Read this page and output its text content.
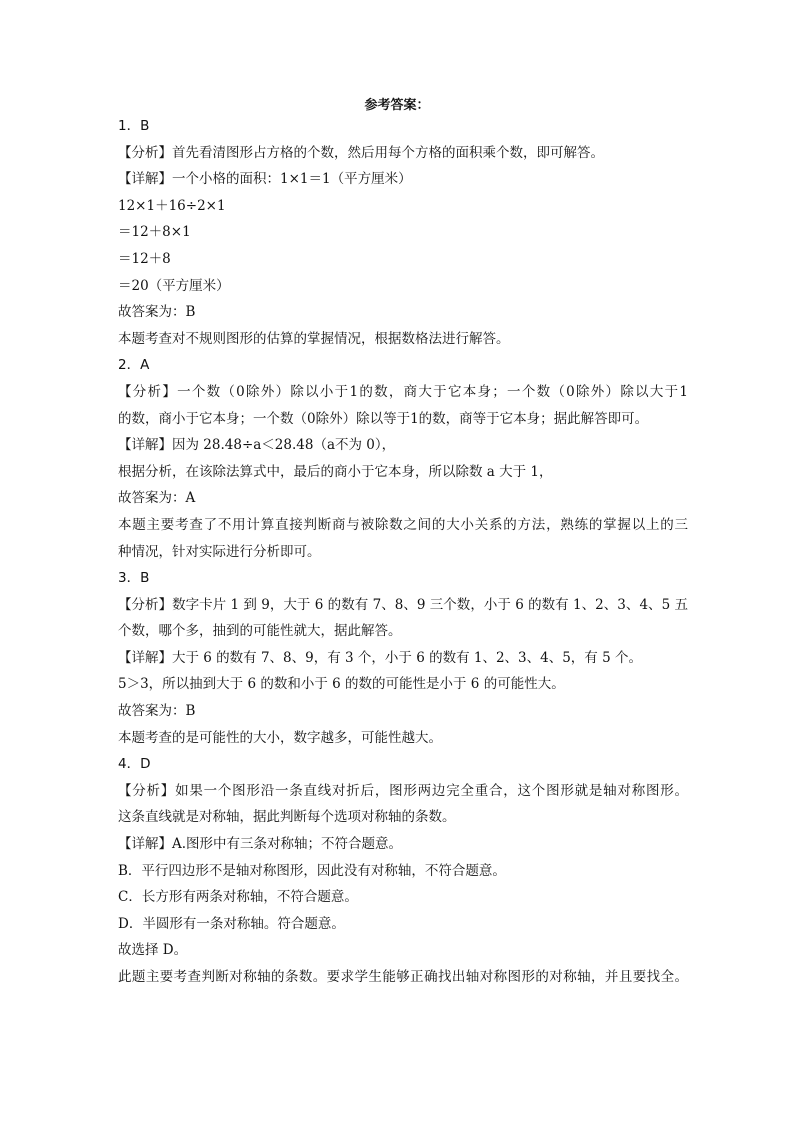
参考答案：
1．B
【分析】首先看清图形占方格的个数，然后用每个方格的面积乘个数，即可解答。
【详解】一个小格的面积：1×1＝1（平方厘米）
12×1＋16÷2×1
＝12＋8×1
＝12＋8
＝20（平方厘米）
故答案为：B
本题考查对不规则图形的估算的掌握情况，根据数格法进行解答。
2．A
【分析】一个数（0除外）除以小于1的数，商大于它本身；一个数（0除外）除以大于1
的数，商小于它本身；一个数（0除外）除以等于1的数，商等于它本身；据此解答即可。
【详解】因为 28.48÷a＜28.48（a不为 0），
根据分析，在该除法算式中，最后的商小于它本身，所以除数 a 大于 1，
故答案为：A
本题主要考查了不用计算直接判断商与被除数之间的大小关系的方法，熟练的掌握以上的三
种情况，针对实际进行分析即可。
3．B
【分析】数字卡片 1 到 9，大于 6 的数有 7、8、9 三个数，小于 6 的数有 1、2、3、4、5 五
个数，哪个多，抽到的可能性就大，据此解答。
【详解】大于 6 的数有 7、8、9，有 3 个，小于 6 的数有 1、2、3、4、5，有 5 个。
5＞3，所以抽到大于 6 的数和小于 6 的数的可能性是小于 6 的可能性大。
故答案为：B
本题考查的是可能性的大小，数字越多，可能性越大。
4．D
【分析】如果一个图形沿一条直线对折后，图形两边完全重合，这个图形就是轴对称图形。
这条直线就是对称轴，据此判断每个选项对称轴的条数。
【详解】A.图形中有三条对称轴；不符合题意。
B．平行四边形不是轴对称图形，因此没有对称轴，不符合题意。
C．长方形有两条对称轴，不符合题意。
D．半圆形有一条对称轴。符合题意。
故选择 D。
此题主要考查判断对称轴的条数。要求学生能够正确找出轴对称图形的对称轴，并且要找全。
